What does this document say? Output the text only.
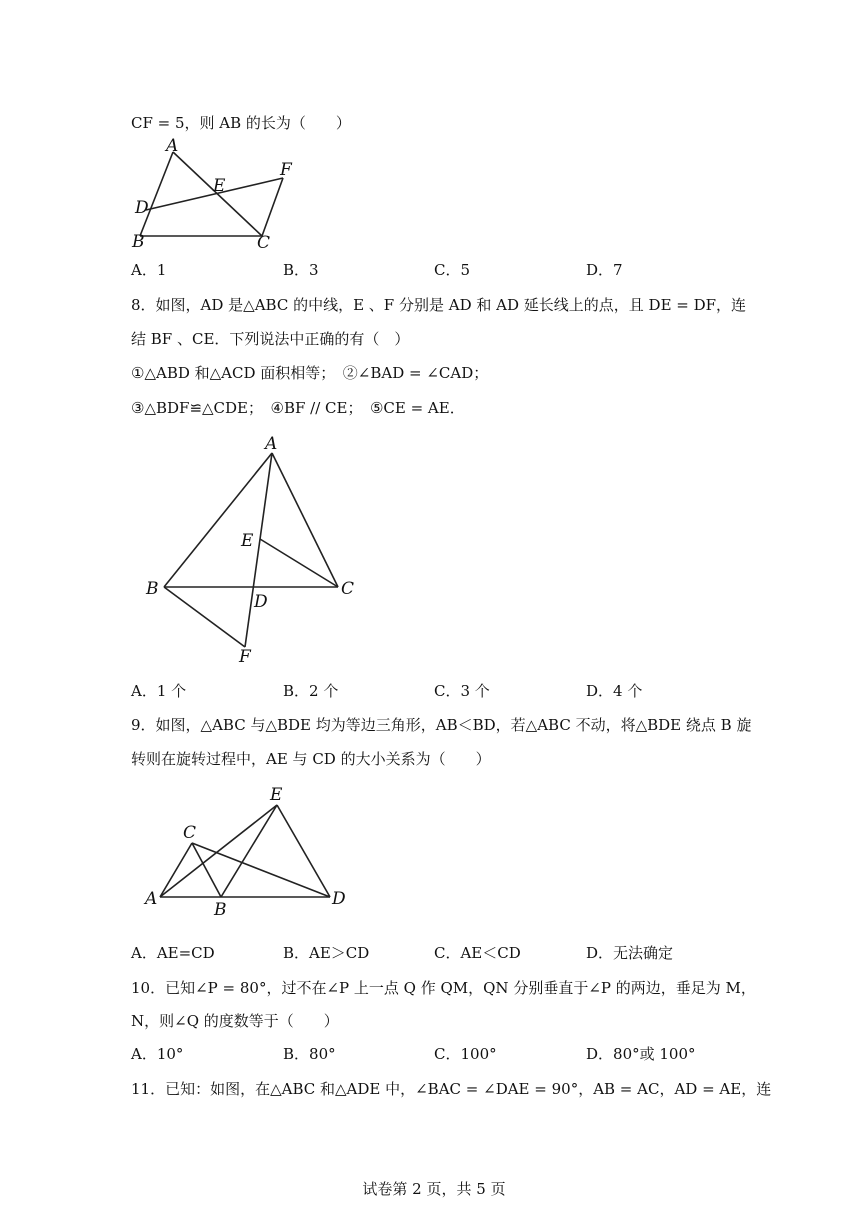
CF = 5，则 AB 的长为（　　）
A
B	C
D
E
F
A．1	B．3	C．5	D．7
8．如图，AD 是△ABC 的中线，E 、F 分别是 AD 和 AD 延长线上的点，且 DE = DF，连
结 BF 、CE．下列说法中正确的有（　）
①△ABD 和△ACD 面积相等；　②∠BAD = ∠CAD；
③△BDF≌△CDE；　④BF // CE；　⑤CE = AE．
A
B	C
D
E
F
A．1 个	B．2 个	C．3 个	D．4 个
9．如图，△ABC 与△BDE 均为等边三角形，AB＜BD，若△ABC 不动，将△BDE 绕点 B 旋
转则在旋转过程中，AE 与 CD 的大小关系为（　　）
A
B
C
D
E
A．AE=CD	B．AE＞CD	C．AE＜CD	D．无法确定
10．已知∠P = 80°，过不在∠P 上一点 Q 作 QM，QN 分别垂直于∠P 的两边，垂足为 M，
N，则∠Q 的度数等于（　　）
A．10°	B．80°	C．100°	D．80°或 100°
11．已知：如图，在△ABC 和△ADE 中，∠BAC = ∠DAE = 90°，AB = AC，AD = AE，连
试卷第 2 页，共 5 页
